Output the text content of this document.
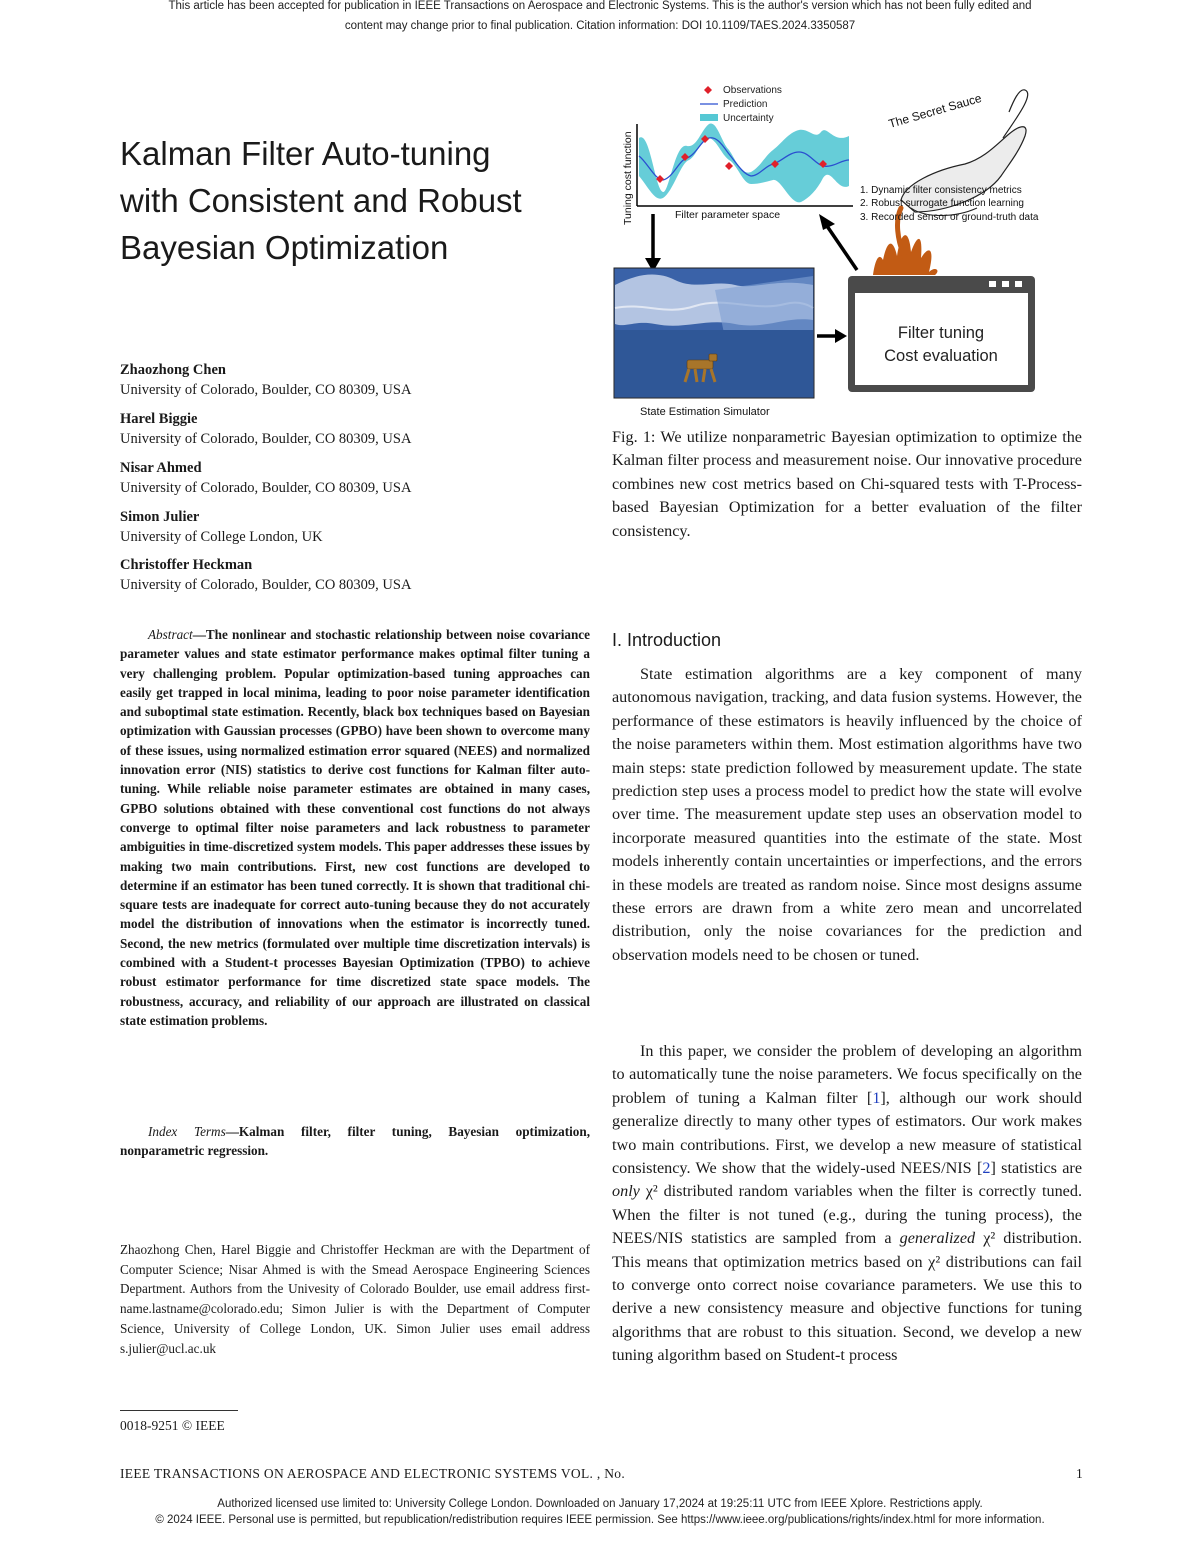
This article has been accepted for publication in IEEE Transactions on Aerospace and Electronic Systems. This is the author's version which has not been fully edited and
content may change prior to final publication. Citation information: DOI 10.1109/TAES.2024.3350587
Kalman Filter Auto-tuning
with Consistent and Robust
Bayesian Optimization
Zhaozhong Chen
University of Colorado, Boulder, CO 80309, USA
Harel Biggie
University of Colorado, Boulder, CO 80309, USA
Nisar Ahmed
University of Colorado, Boulder, CO 80309, USA
Simon Julier
University of College London, UK
Christoffer Heckman
University of Colorado, Boulder, CO 80309, USA
Abstract—The nonlinear and stochastic relationship between noise covariance parameter values and state estimator performance makes optimal filter tuning a very challenging problem. Popular optimization-based tuning approaches can easily get trapped in local minima, leading to poor noise parameter identification and suboptimal state estimation. Recently, black box techniques based on Bayesian optimization with Gaussian processes (GPBO) have been shown to overcome many of these issues, using normalized estimation error squared (NEES) and normalized innovation error (NIS) statistics to derive cost functions for Kalman filter auto-tuning. While reliable noise parameter estimates are obtained in many cases, GPBO solutions obtained with these conventional cost functions do not always converge to optimal filter noise parameters and lack robustness to parameter ambiguities in time-discretized system models. This paper addresses these issues by making two main contributions. First, new cost functions are developed to determine if an estimator has been tuned correctly. It is shown that traditional chi-square tests are inadequate for correct auto-tuning because they do not accurately model the distribution of innovations when the estimator is incorrectly tuned. Second, the new metrics (formulated over multiple time discretization intervals) is combined with a Student-t processes Bayesian Optimization (TPBO) to achieve robust estimator performance for time discretized state space models. The robustness, accuracy, and reliability of our approach are illustrated on classical state estimation problems.
Index Terms—Kalman filter, filter tuning, Bayesian optimization, nonparametric regression.
Zhaozhong Chen, Harel Biggie and Christoffer Heckman are with the Department of Computer Science; Nisar Ahmed is with the Smead Aerospace Engineering Sciences Department. Authors from the Univesity of Colorado Boulder, use email address first-name.lastname@colorado.edu; Simon Julier is with the Department of Computer Science, University of College London, UK. Simon Julier uses email address s.julier@ucl.ac.uk
0018-9251 © IEEE
Observations
Prediction
Uncertainty
Tuning cost function	Filter parameter space
State Estimation Simulator
Filter tuning
Cost evaluation
The Secret Sauce
1. Dynamic filter consistency metrics
2. Robust surrogate function learning
3. Recorded sensor or ground-truth data
Fig. 1: We utilize nonparametric Bayesian optimization to optimize the Kalman filter process and measurement noise. Our innovative procedure combines new cost metrics based on Chi-squared tests with T-Process-based Bayesian Optimization for a better evaluation of the filter consistency.
I. Introduction
State estimation algorithms are a key component of many autonomous navigation, tracking, and data fusion systems. However, the performance of these estimators is heavily influenced by the choice of the noise parameters within them. Most estimation algorithms have two main steps: state prediction followed by measurement update. The state prediction step uses a process model to predict how the state will evolve over time. The measurement update step uses an observation model to incorporate measured quantities into the estimate of the state. Most models inherently contain uncertainties or imperfections, and the errors in these models are treated as random noise. Since most designs assume these errors are drawn from a white zero mean and uncorrelated distribution, only the noise covariances for the prediction and observation models need to be chosen or tuned.
In this paper, we consider the problem of developing an algorithm to automatically tune the noise parameters. We focus specifically on the problem of tuning a Kalman filter [1], although our work should generalize directly to many other types of estimators. Our work makes two main contributions. First, we develop a new measure of statistical consistency. We show that the widely-used NEES/NIS [2] statistics are only χ² distributed random variables when the filter is correctly tuned. When the filter is not tuned (e.g., during the tuning process), the NEES/NIS statistics are sampled from a generalized χ² distribution. This means that optimization metrics based on χ² distributions can fail to converge onto correct noise covariance parameters. We use this to derive a new consistency measure and objective functions for tuning algorithms that are robust to this situation. Second, we develop a new tuning algorithm based on Student-t process
IEEE TRANSACTIONS ON AEROSPACE AND ELECTRONIC SYSTEMS VOL. , No.	1
Authorized licensed use limited to: University College London. Downloaded on January 17,2024 at 19:25:11 UTC from IEEE Xplore. Restrictions apply.
© 2024 IEEE. Personal use is permitted, but republication/redistribution requires IEEE permission. See https://www.ieee.org/publications/rights/index.html for more information.
